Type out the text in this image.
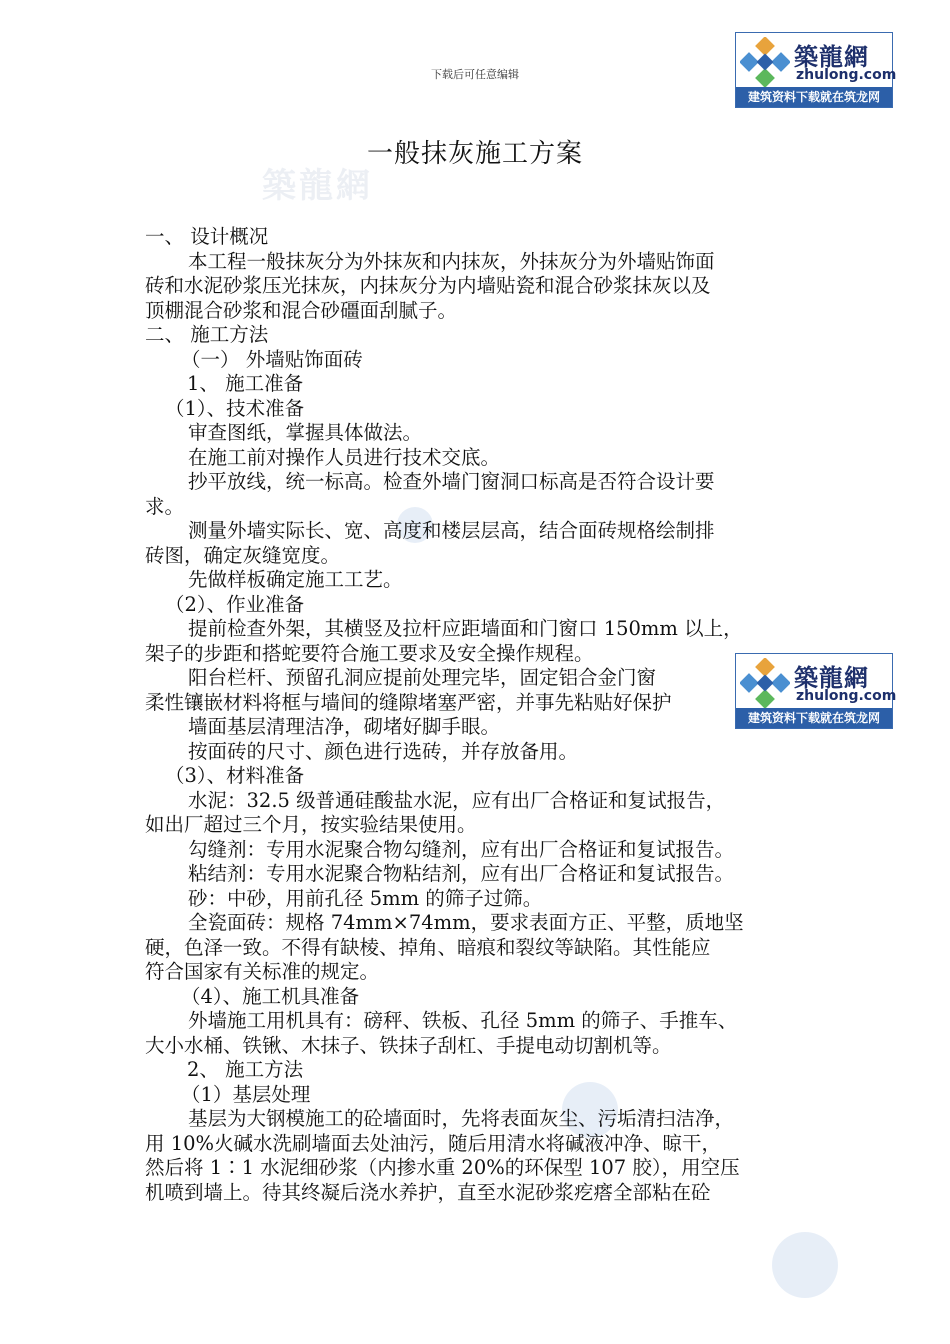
下载后可任意编辑
築龍網
zhulong.com
建筑资料下载就在筑龙网
築龍網
zhulong.com
建筑资料下载就在筑龙网
築龍網
一般抹灰施工方案

一、 设计概况

本工程一般抹灰分为外抹灰和内抹灰，外抹灰分为外墙贴饰面

砖和水泥砂浆压光抹灰，内抹灰分为内墙贴瓷和混合砂浆抹灰以及

顶棚混合砂浆和混合砂礓面刮腻子。

二、 施工方法

（一） 外墙贴饰面砖

1、 施工准备

（1）、技术准备

审查图纸，掌握具体做法。

在施工前对操作人员进行技术交底。

抄平放线，统一标高。检查外墙门窗洞口标高是否符合设计要

求。

测量外墙实际长、宽、高度和楼层层高，结合面砖规格绘制排

砖图，确定灰缝宽度。

先做样板确定施工工艺。

（2）、作业准备

提前检查外架，其横竖及拉杆应距墙面和门窗口 150mm 以上，

架子的步距和搭蛇要符合施工要求及安全操作规程。

阳台栏杆、预留孔洞应提前处理完毕，固定铝合金门窗

柔性镶嵌材料将框与墙间的缝隙堵塞严密，并事先粘贴好保护

墙面基层清理洁净，砌堵好脚手眼。

按面砖的尺寸、颜色进行选砖，并存放备用。

（3）、材料准备

水泥：32.5 级普通硅酸盐水泥，应有出厂合格证和复试报告，

如出厂超过三个月，按实验结果使用。

勾缝剂：专用水泥聚合物勾缝剂，应有出厂合格证和复试报告。

粘结剂：专用水泥聚合物粘结剂，应有出厂合格证和复试报告。

砂：中砂，用前孔径 5mm 的筛子过筛。

全瓷面砖：规格 74mm×74mm，要求表面方正、平整，质地坚

硬，色泽一致。不得有缺棱、掉角、暗痕和裂纹等缺陷。其性能应

符合国家有关标准的规定。

（4）、施工机具准备

外墙施工用机具有：磅秤、铁板、孔径 5mm 的筛子、手推车、

大小水桶、铁锹、木抹子、铁抹子刮杠、手提电动切割机等。

2、 施工方法

（1）基层处理

基层为大钢模施工的砼墙面时，先将表面灰尘、污垢清扫洁净，

用 10%火碱水洗刷墙面去处油污，随后用清水将碱液冲净、晾干，

然后将 1∶1 水泥细砂浆（内掺水重 20%的环保型 107 胶），用空压

机喷到墙上。待其终凝后浇水养护，直至水泥砂浆疙瘩全部粘在砼
